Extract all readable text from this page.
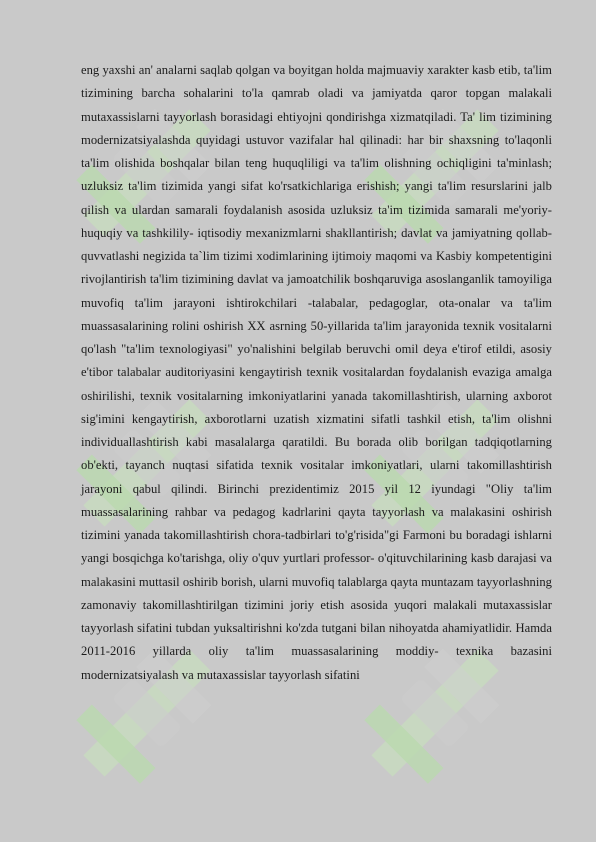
eng yaxshi an' analarni saqlab qolgan va boyitgan holda majmuaviy xarakter kasb etib, ta'lim tizimining barcha sohalarini to'la qamrab oladi va jamiyatda qaror topgan malakali mutaxassislarni tayyorlash borasidagi ehtiyojni qondirishga xizmatqiladi. Ta' lim tizimining modernizatsiyalashda quyidagi ustuvor vazifalar hal qilinadi: har bir shaxsning to'laqonli ta'lim olishida boshqalar bilan teng huquqliligi va ta'lim olishning ochiqligini ta'minlash; uzluksiz ta'lim tizimida yangi sifat ko'rsatkichlariga erishish; yangi ta'lim resurslarini jalb qilish va ulardan samarali foydalanish asosida uzluksiz ta'im tizimida samarali me'yoriy-huquqiy va tashkilily- iqtisodiy mexanizmlarni shakllantirish; davlat va jamiyatning qollab-quvvatlashi negizida ta`lim tizimi xodimlarining ijtimoiy maqomi va Kasbiy kompetentigini rivojlantirish ta'lim tizimining davlat va jamoatchilik boshqaruviga asoslanganlik tamoyiliga muvofiq ta'lim jarayoni ishtirokchilari -talabalar, pedagoglar, ota-onalar va ta'lim muassasalarining rolini oshirish XX asrning 50-yillarida ta'lim jarayonida texnik vositalarni qo'lash "ta'lim texnologiyasi" yo'nalishini belgilab beruvchi omil deya e'tirof etildi, asosiy e'tibor talabalar auditoriyasini kengaytirish texnik vositalardan foydalanish evaziga amalga oshirilishi, texnik vositalarning imkoniyatlarini yanada takomillashtirish, ularning axborot sig'imini kengaytirish, axborotlarni uzatish xizmatini sifatli tashkil etish, ta'lim olishni individuallashtirish kabi masalalarga qaratildi. Bu borada olib borilgan tadqiqotlarning ob'ekti, tayanch nuqtasi sifatida texnik vositalar imkoniyatlari, ularni takomillashtirish jarayoni qabul qilindi. Birinchi prezidentimiz 2015 yil 12 iyundagi "Oliy ta'lim muassasalarining rahbar va pedagog kadrlarini qayta tayyorlash va malakasini oshirish tizimini yanada takomillashtirish chora-tadbirlari to'g'risida"gi Farmoni bu boradagi ishlarni yangi bosqichga ko'tarishga, oliy o'quv yurtlari professor- o'qituvchilarining kasb darajasi va malakasini muttasil oshirib borish, ularni muvofiq talablarga qayta muntazam tayyorlashning zamonaviy takomillashtirilgan tizimini joriy etish asosida yuqori malakali mutaxassislar tayyorlash sifatini tubdan yuksaltirishni ko'zda tutgani bilan nihoyatda ahamiyatlidir. Hamda 2011-2016 yillarda oliy ta'lim muassasalarining moddiy- texnika bazasini modernizatsiyalash va mutaxassislar tayyorlash sifatini
